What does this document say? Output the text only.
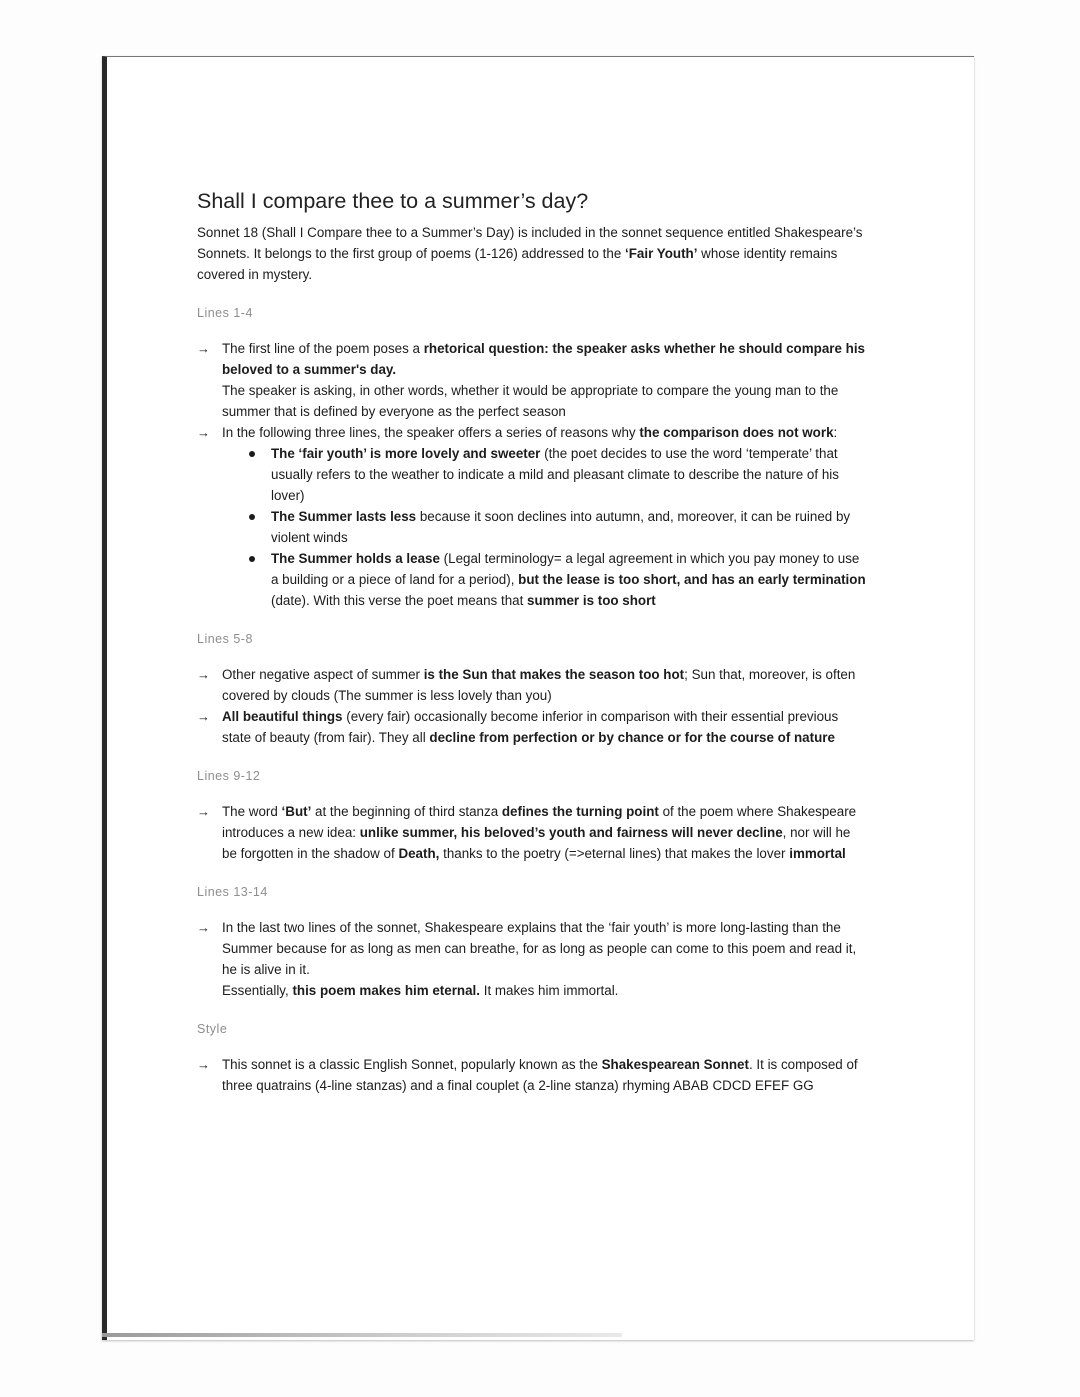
Shall I compare thee to a summer’s day?

Sonnet 18 (Shall I Compare thee to a Summer’s Day) is included in the sonnet sequence entitled Shakespeare’s Sonnets. It belongs to the first group of poems (1-126) addressed to the ‘Fair Youth’ whose identity remains covered in mystery.

Lines 1-4
→ The first line of the poem poses a rhetorical question: the speaker asks whether he should compare his beloved to a summer's day.

The speaker is asking, in other words, whether it would be appropriate to compare the young man to the summer that is defined by everyone as the perfect season

→ In the following three lines, the speaker offers a series of reasons why the comparison does not work:

The ‘fair youth’ is more lovely and sweeter (the poet decides to use the word ‘temperate’ that usually refers to the weather to indicate a mild and pleasant climate to describe the nature of his lover)
The Summer lasts less because it soon declines into autumn, and, moreover, it can be ruined by violent winds
The Summer holds a lease (Legal terminology= a legal agreement in which you pay money to use a building or a piece of land for a period), but the lease is too short, and has an early termination (date). With this verse the poet means that summer is too short
Lines 5-8
→ Other negative aspect of summer is the Sun that makes the season too hot; Sun that, moreover, is often covered by clouds (The summer is less lovely than you)

→ All beautiful things (every fair) occasionally become inferior in comparison with their essential previous state of beauty (from fair). They all decline from perfection or by chance or for the course of nature

Lines 9-12
→ The word ‘But’ at the beginning of third stanza defines the turning point of the poem where Shakespeare introduces a new idea: unlike summer, his beloved’s youth and fairness will never decline, nor will he be forgotten in the shadow of Death, thanks to the poetry (=>eternal lines) that makes the lover immortal

Lines 13-14
→ In the last two lines of the sonnet, Shakespeare explains that the ‘fair youth’ is more long-lasting than the Summer because for as long as men can breathe, for as long as people can come to this poem and read it, he is alive in it.

Essentially, this poem makes him eternal. It makes him immortal.

Style
→ This sonnet is a classic English Sonnet, popularly known as the Shakespearean Sonnet. It is composed of three quatrains (4-line stanzas) and a final couplet (a 2-line stanza) rhyming ABAB CDCD EFEF GG
